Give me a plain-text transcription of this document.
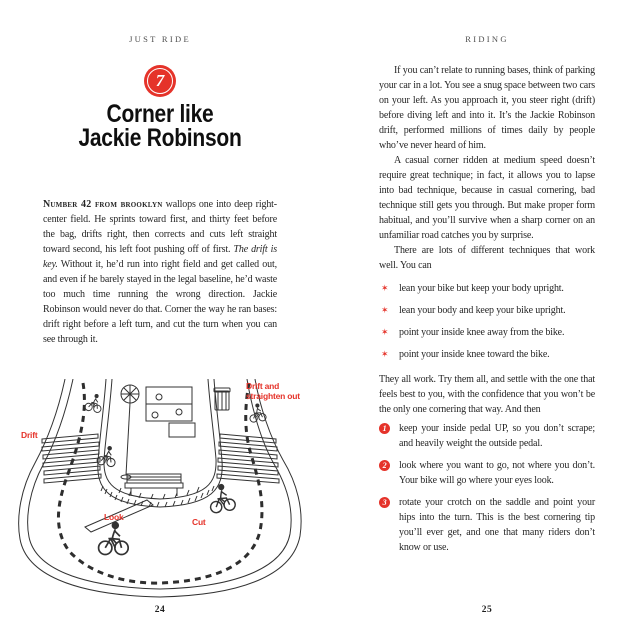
JUST RIDE
7
Corner like
Jackie Robinson
Number 42 from brooklyn wallops one into deep right-center field. He sprints toward first, and thirty feet before the bag, drifts right, then corrects and cuts left straight toward second, his left foot pushing off of first. The drift is key. Without it, he’d run into right field and get called out, and even if he barely stayed in the legal baseline, he’d waste too much time running the wrong direction. Jackie Robinson would never do that. Corner the way he ran bases: drift right before a left turn, and cut the turn when you can see through it.
Drift
Look	Cut
Drift and
straighten out
24
RIDING

If you can’t relate to running bases, think of parking your car in a lot. You see a snug space between two cars on your left. As you approach it, you steer right (drift) before diving left and into it. It’s the Jackie Robinson drift, performed millions of times daily by people who’ve never heard of him.

A casual corner ridden at medium speed doesn’t require great technique; in fact, it allows you to lapse into bad technique, because in casual cornering, bad technique still gets you through. But make proper form habitual, and you’ll survive when a sharp corner on an unfamiliar road catches you by surprise.

There are lots of different techniques that work well. You can

✶ lean your bike but keep your body upright.
✶ lean your body and keep your bike upright.
✶ point your inside knee away from the bike.
✶ point your inside knee toward the bike.

They all work. Try them all, and settle with the one that feels best to you, with the confidence that you won’t be the only one cornering that way. And then

1	keep your inside pedal UP, so you don’t scrape; and heavily weight the outside pedal.
2	look where you want to go, not where you don’t. Your bike will go where your eyes look.
3	rotate your crotch on the saddle and point your hips into the turn. This is the best cornering tip you’ll ever get, and one that many riders don’t know or use.
25
